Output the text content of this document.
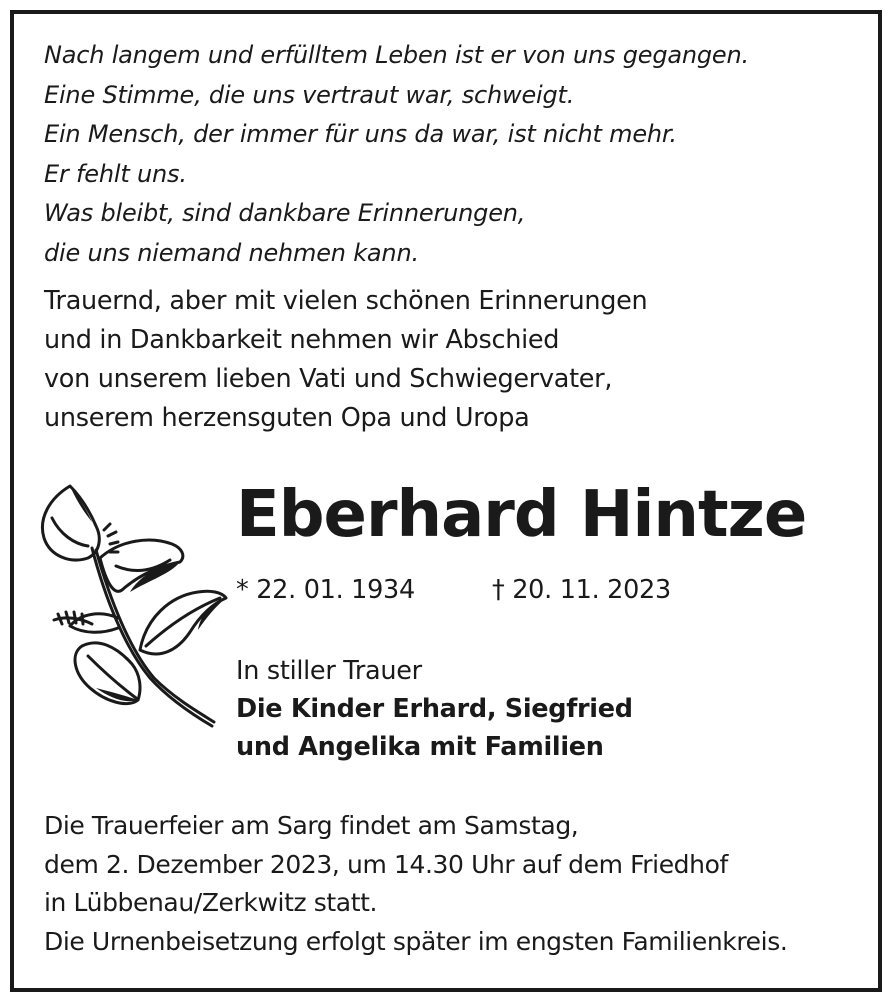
Nach langem und erfülltem Leben ist er von uns gegangen.
Eine Stimme, die uns vertraut war, schweigt.
Ein Mensch, der immer für uns da war, ist nicht mehr.
Er fehlt uns.
Was bleibt, sind dankbare Erinnerungen,
die uns niemand nehmen kann.

Trauernd, aber mit vielen schönen Erinnerungen
und in Dankbarkeit nehmen wir Abschied
von unserem lieben Vati und Schwiegervater,
unserem herzensguten Opa und Uropa

Eberhard Hintze
* 22. 01. 1934	† 20. 11. 2023
In stiller Trauer
Die Kinder Erhard, Siegfried
und Angelika mit Familien

Die Trauerfeier am Sarg findet am Samstag,
dem 2. Dezember 2023, um 14.30 Uhr auf dem Friedhof
in Lübbenau/Zerkwitz statt.
Die Urnenbeisetzung erfolgt später im engsten Familienkreis.
